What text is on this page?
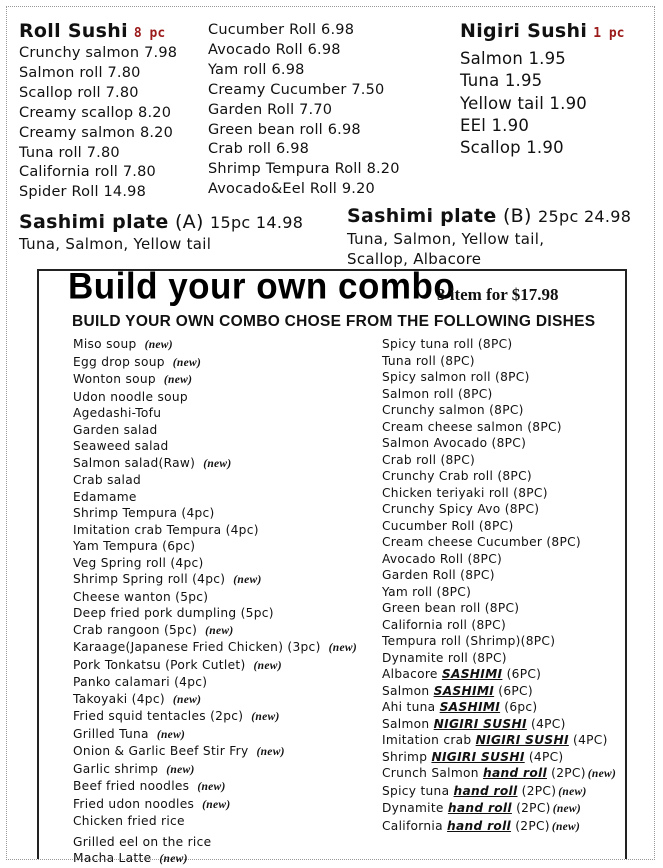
Roll Sushi 8 pc
Crunchy salmon 7.98
Salmon roll 7.80
Scallop roll 7.80
Creamy scallop 8.20
Creamy salmon 8.20
Tuna roll 7.80
California roll 7.80
Spider Roll 14.98
Cucumber Roll 6.98
Avocado Roll 6.98
Yam roll 6.98
Creamy Cucumber 7.50
Garden Roll 7.70
Green bean roll 6.98
Crab roll 6.98
Shrimp Tempura Roll 8.20
Avocado&Eel Roll 9.20
Nigiri Sushi 1 pc
Salmon 1.95
Tuna 1.95
Yellow tail 1.90
EEl 1.90
Scallop 1.90
Sashimi plate (A) 15pc 14.98
Tuna, Salmon, Yellow tail
Sashimi plate (B) 25pc 24.98
Tuna, Salmon, Yellow tail,
Scallop, Albacore
Build your own combo
3 item for $17.98
BUILD YOUR OWN COMBO CHOSE FROM THE FOLLOWING DISHES
Miso soup (new)
Egg drop soup (new)
Wonton soup (new)
Udon noodle soup
Agedashi-Tofu
Garden salad
Seaweed salad
Salmon salad(Raw) (new)
Crab salad
Edamame
Shrimp Tempura (4pc)
Imitation crab Tempura (4pc)
Yam Tempura (6pc)
Veg Spring roll (4pc)
Shrimp Spring roll (4pc) (new)
Cheese wanton (5pc)
Deep fried pork dumpling (5pc)
Crab rangoon (5pc) (new)
Karaage(Japanese Fried Chicken) (3pc) (new)
Pork Tonkatsu (Pork Cutlet) (new)
Panko calamari (4pc)
Takoyaki (4pc) (new)
Fried squid tentacles (2pc) (new)
Grilled Tuna (new)
Onion & Garlic Beef Stir Fry (new)
Garlic shrimp (new)
Beef fried noodles (new)
Fried udon noodles (new)
Chicken fried rice
Grilled eel on the rice
Macha Latte (new)
Spicy tuna roll (8PC)
Tuna roll (8PC)
Spicy salmon roll (8PC)
Salmon roll (8PC)
Crunchy salmon (8PC)
Cream cheese salmon (8PC)
Salmon Avocado (8PC)
Crab roll (8PC)
Crunchy Crab roll (8PC)
Chicken teriyaki roll (8PC)
Crunchy Spicy Avo (8PC)
Cucumber Roll (8PC)
Cream cheese Cucumber (8PC)
Avocado Roll (8PC)
Garden Roll (8PC)
Yam roll (8PC)
Green bean roll (8PC)
California roll (8PC)
Tempura roll (Shrimp)(8PC)
Dynamite roll (8PC)
Albacore SASHIMI (6PC)
Salmon SASHIMI (6PC)
Ahi tuna SASHIMI (6pc)
Salmon NIGIRI SUSHI (4PC)
Imitation crab NIGIRI SUSHI (4PC)
Shrimp NIGIRI SUSHI (4PC)
Crunch Salmon hand roll (2PC) (new)
Spicy tuna hand roll (2PC) (new)
Dynamite hand roll (2PC) (new)
California hand roll (2PC) (new)
